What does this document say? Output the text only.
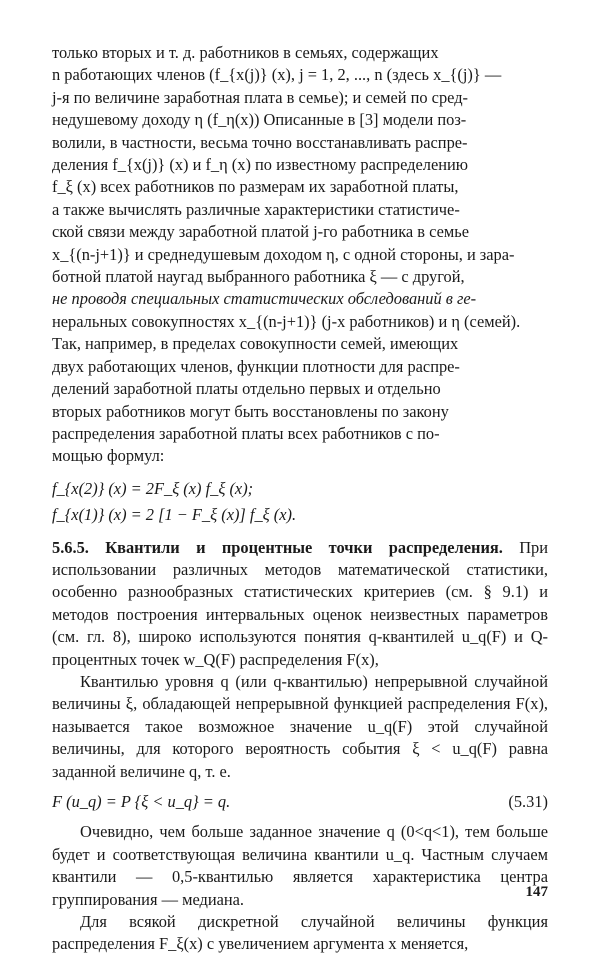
только вторых и т. д. работников в семьях, содержащих

n работающих членов (f_{x(j)} (x), j = 1, 2, ..., n (здесь x_{(j)} —

j-я по величине заработная плата в семье); и семей по сред-

недушевому доходу η (f_η(x)) Описанные в [3] модели поз-

волили, в частности, весьма точно восстанавливать распре-

деления f_{x(j)} (x) и f_η (x) по известному распределению

f_ξ (x) всех работников по размерам их заработной платы,

а также вычислять различные характеристики статистиче-

ской связи между заработной платой j-го работника в семье

x_{(n-j+1)} и среднедушевым доходом η, с одной стороны, и зара-

ботной платой наугад выбранного работника ξ — с другой,

не проводя специальных статистических обследований в ге-

неральных совокупностях x_{(n-j+1)} (j-x работников) и η (семей).

Так, например, в пределах совокупности семей, имеющих

двух работающих членов, функции плотности для распре-

делений заработной платы отдельно первых и отдельно

вторых работников могут быть восстановлены по закону

распределения заработной платы всех работников с по-

мощью формул:

f_{x(2)} (x) = 2F_ξ (x) f_ξ (x);

f_{x(1)} (x) = 2 [1 − F_ξ (x)] f_ξ (x).

5.6.5. Квантили и процентные точки распределения. При использовании различных методов математической статистики, особенно разнообразных статистических критериев (см. § 9.1) и методов построения интервальных оценок неизвестных параметров (см. гл. 8), широко используются понятия q-квантилей u_q(F) и Q-процентных точек w_Q(F) распределения F(x),

Квантилью уровня q (или q-квантилью) непрерывной случайной величины ξ, обладающей непрерывной функцией распределения F(x), называется такое возможное значение u_q(F) этой случайной величины, для которого вероятность события ξ < u_q(F) равна заданной величине q, т. е.

F (u_q) = P {ξ < u_q} = q.	(5.31)

Очевидно, чем больше заданное значение q (0<q<1), тем больше будет и соответствующая величина квантили u_q. Частным случаем квантили — 0,5-квантилью является характеристика центра группирования — медиана.

Для всякой дискретной случайной величины функция распределения F_ξ(x) с увеличением аргумента x меняется,

147
